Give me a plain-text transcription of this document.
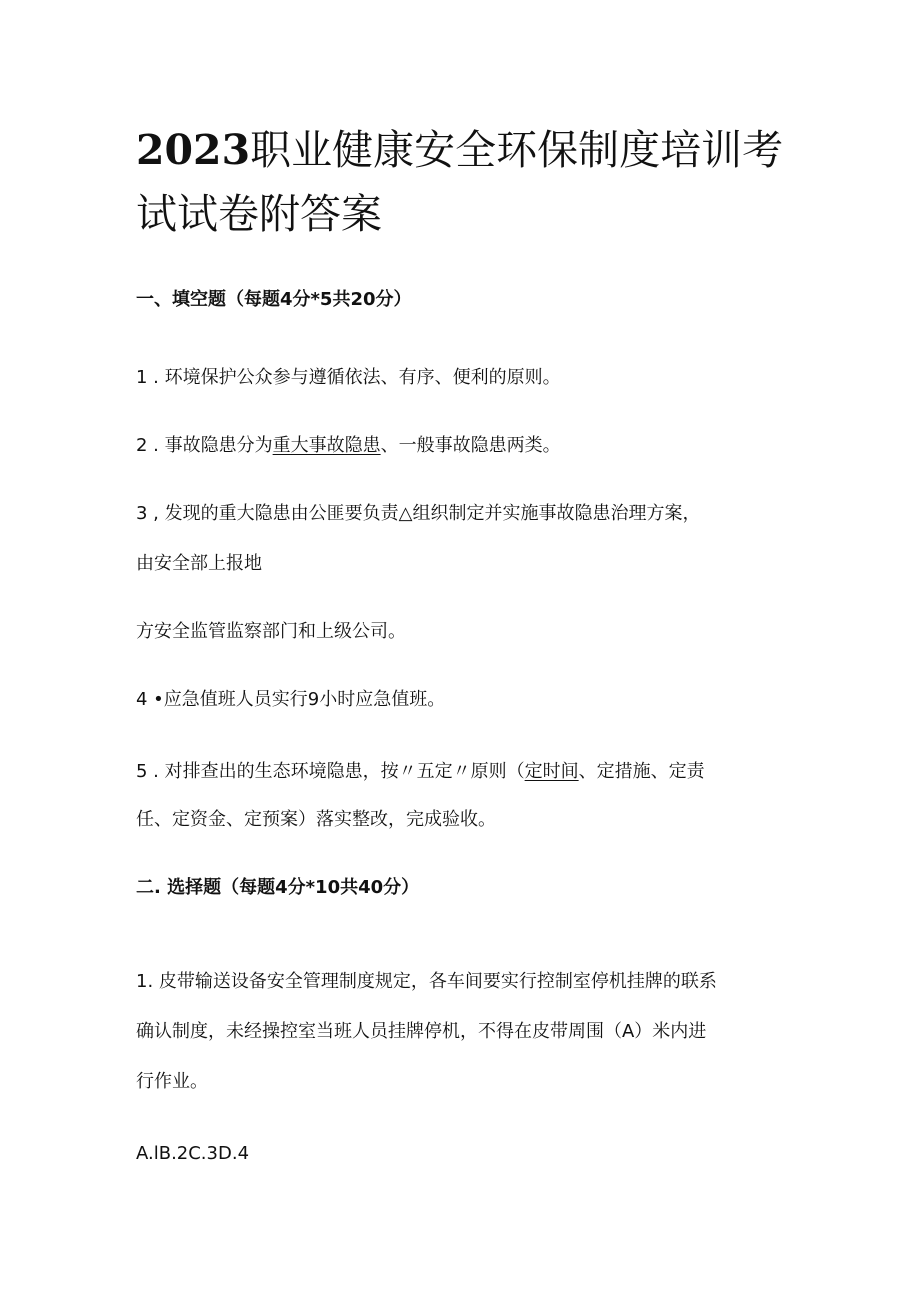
2023职业健康安全环保制度培训考
试试卷附答案

一、填空题（每题4分*5共20分）

1 . 环境保护公众参与遵循依法、有序、便利的原则。

2 . 事故隐患分为重大事故隐患、一般事故隐患两类。

3 , 发现的重大隐患由公匪要负责△组织制定并实施事故隐患治理方案，

由安全部上报地

方安全监管监察部门和上级公司。

4 •应急值班人员实行9小时应急值班。

5 . 对排查出的生态环境隐患，按〃五定〃原则（定时间、定措施、定责

任、定资金、定预案）落实整改，完成验收。

二. 选择题（每题4分*10共40分）

1. 皮带输送设备安全管理制度规定，各车间要实行控制室停机挂牌的联系

确认制度，未经操控室当班人员挂牌停机，不得在皮带周围（A）米内进

行作业。

A.lB.2C.3D.4
